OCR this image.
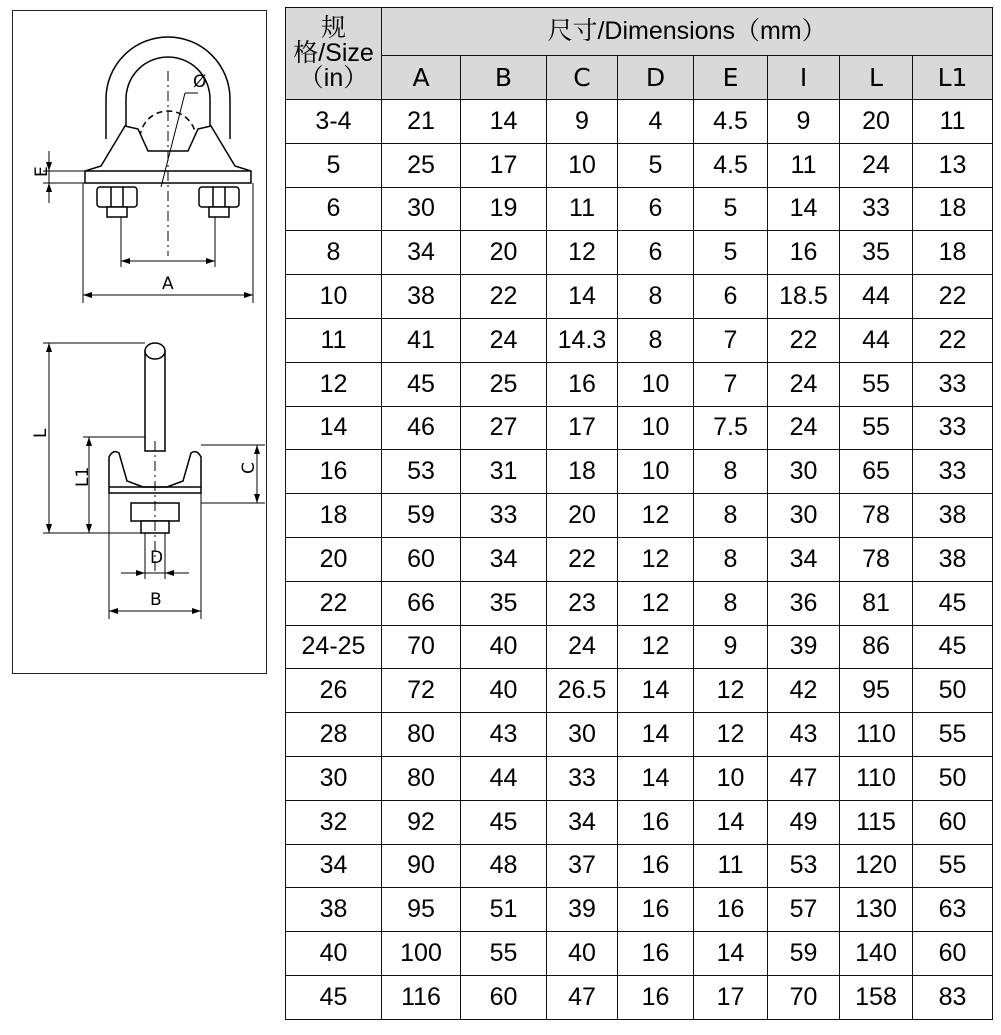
Ø
E
A
L
L1	C
D
B
规格/Size
（in）	尺寸/Dimensions（mm）							
	A	B	C	D	E	I	L	L1
3-4	21	14	9	4	4.5	9	20	11
5	25	17	10	5	4.5	11	24	13
6	30	19	11	6	5	14	33	18
8	34	20	12	6	5	16	35	18
10	38	22	14	8	6	18.5	44	22
11	41	24	14.3	8	7	22	44	22
12	45	25	16	10	7	24	55	33
14	46	27	17	10	7.5	24	55	33
16	53	31	18	10	8	30	65	33
18	59	33	20	12	8	30	78	38
20	60	34	22	12	8	34	78	38
22	66	35	23	12	8	36	81	45
24-25	70	40	24	12	9	39	86	45
26	72	40	26.5	14	12	42	95	50
28	80	43	30	14	12	43	110	55
30	80	44	33	14	10	47	110	50
32	92	45	34	16	14	49	115	60
34	90	48	37	16	11	53	120	55
38	95	51	39	16	16	57	130	63
40	100	55	40	16	14	59	140	60
45	116	60	47	16	17	70	158	83
